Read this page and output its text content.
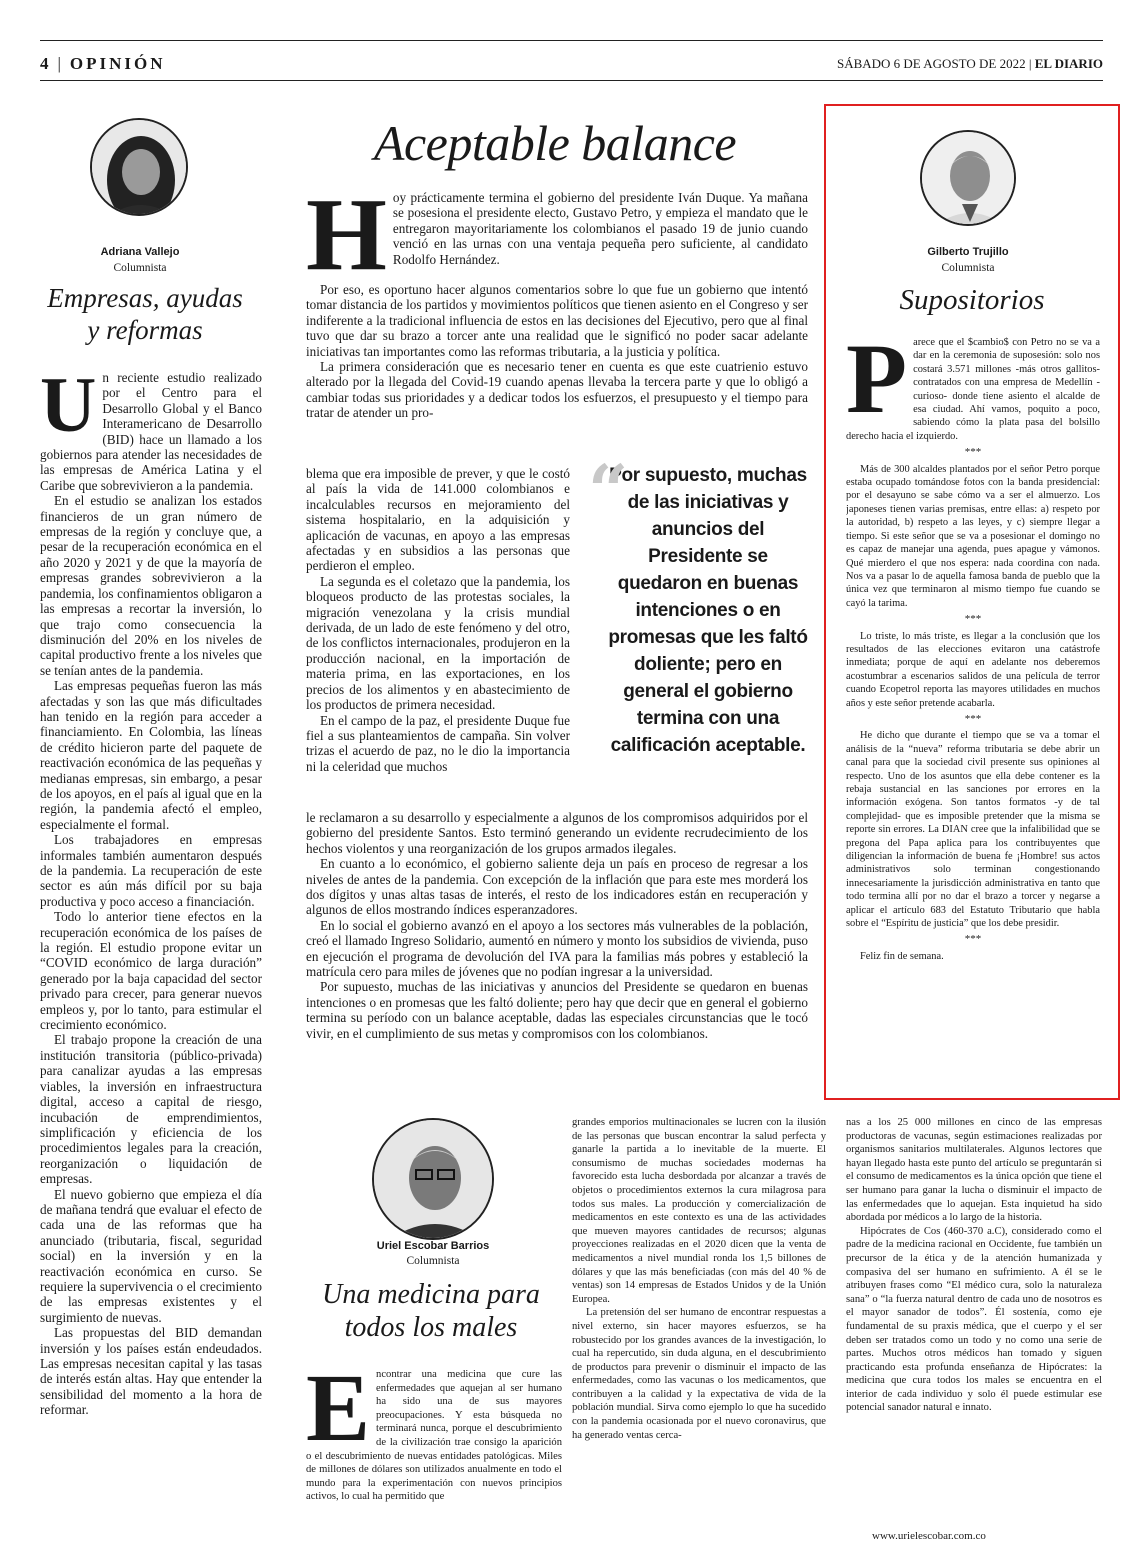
4 | OPINIÓN	SÁBADO 6 DE AGOSTO DE 2022 | EL DIARIO
Adriana Vallejo
Columnista
Empresas, ayudas
y reformas
U n reciente estudio realizado por el Centro para el Desarrollo Global y el Banco Interamericano de Desarrollo (BID) hace un llamado a los gobiernos para atender las necesidades de las empresas de América Latina y el Caribe que sobrevivieron a la pandemia.

En el estudio se analizan los estados financieros de un gran número de empresas de la región y concluye que, a pesar de la recuperación económica en el año 2020 y 2021 y de que la mayoría de empresas grandes sobrevivieron a la pandemia, los confinamientos obligaron a las empresas a recortar la inversión, lo que trajo como consecuencia la disminución del 20% en los niveles de capital productivo frente a los niveles que se tenían antes de la pandemia.

Las empresas pequeñas fueron las más afectadas y son las que más dificultades han tenido en la región para acceder a financiamiento. En Colombia, las líneas de crédito hicieron parte del paquete de reactivación económica de las pequeñas y medianas empresas, sin embargo, a pesar de los apoyos, en el país al igual que en la región, la pandemia afectó el empleo, especialmente el formal.

Los trabajadores en empresas informales también aumentaron después de la pandemia. La recuperación de este sector es aún más difícil por su baja productiva y poco acceso a financiación.

Todo lo anterior tiene efectos en la recuperación económica de los países de la región. El estudio propone evitar un “COVID económico de larga duración” generado por la baja capacidad del sector privado para crecer, para generar nuevos empleos y, por lo tanto, para estimular el crecimiento económico.

El trabajo propone la creación de una institución transitoria (público-privada) para canalizar ayudas a las empresas viables, la inversión en infraestructura digital, acceso a capital de riesgo, incubación de emprendimientos, simplificación y eficiencia de los procedimientos legales para la creación, reorganización o liquidación de empresas.

El nuevo gobierno que empieza el día de mañana tendrá que evaluar el efecto de cada una de las reformas que ha anunciado (tributaria, fiscal, seguridad social) en la inversión y en la reactivación económica en curso. Se requiere la supervivencia o el crecimiento de las empresas existentes y el surgimiento de nuevas.

Las propuestas del BID demandan inversión y los países están endeudados. Las empresas necesitan capital y las tasas de interés están altas. Hay que entender la sensibilidad del momento a la hora de reformar.

Aceptable balance
H oy prácticamente termina el gobierno del presidente Iván Duque. Ya mañana se posesiona el presidente electo, Gustavo Petro, y empieza el mandato que le entregaron mayoritariamente los colombianos el pasado 19 de junio cuando venció en las urnas con una ventaja pequeña pero suficiente, al candidato Rodolfo Hernández.

Por eso, es oportuno hacer algunos comentarios sobre lo que fue un gobierno que intentó tomar distancia de los partidos y movimientos políticos que tienen asiento en el Congreso y ser indiferente a la tradicional influencia de estos en las decisiones del Ejecutivo, pero que al final tuvo que dar su brazo a torcer ante una realidad que le significó no poder sacar adelante iniciativas tan importantes como las reformas tributaria, a la justicia y política.

La primera consideración que es necesario tener en cuenta es que este cuatrienio estuvo alterado por la llegada del Covid-19 cuando apenas llevaba la tercera parte y que lo obligó a cambiar todas sus prioridades y a dedicar todos los esfuerzos, el presupuesto y el tiempo para tratar de atender un pro-

blema que era imposible de prever, y que le costó al país la vida de 141.000 colombianos e incalculables recursos en mejoramiento del sistema hospitalario, en la adquisición y aplicación de vacunas, en apoyo a las empresas afectadas y en subsidios a las personas que perdieron el empleo.

La segunda es el coletazo que la pandemia, los bloqueos producto de las protestas sociales, la migración venezolana y la crisis mundial derivada, de un lado de este fenómeno y del otro, de los conflictos internacionales, produjeron en la producción nacional, en la importación de materia prima, en las exportaciones, en los precios de los alimentos y en abastecimiento de los productos de primera necesidad.

En el campo de la paz, el presidente Duque fue fiel a sus planteamientos de campaña. Sin volver trizas el acuerdo de paz, no le dio la importancia ni la celeridad que muchos

le reclamaron a su desarrollo y especialmente a algunos de los compromisos adquiridos por el gobierno del presidente Santos. Esto terminó generando un evidente recrudecimiento de los hechos violentos y una reorganización de los grupos armados ilegales.

En cuanto a lo económico, el gobierno saliente deja un país en proceso de regresar a los niveles de antes de la pandemia. Con excepción de la inflación que para este mes morderá los dos dígitos y unas altas tasas de interés, el resto de los indicadores están en recuperación y algunos de ellos mostrando índices esperanzadores.

En lo social el gobierno avanzó en el apoyo a los sectores más vulnerables de la población, creó el llamado Ingreso Solidario, aumentó en número y monto los subsidios de vivienda, puso en ejecución el programa de devolución del IVA para la familias más pobres y estableció la matrícula cero para miles de jóvenes que no podían ingresar a la universidad.

Por supuesto, muchas de las iniciativas y anuncios del Presidente se quedaron en buenas intenciones o en promesas que les faltó doliente; pero hay que decir que en general el gobierno termina su período con un balance aceptable, dadas las especiales circunstancias que le tocó vivir, en el cumplimiento de sus metas y compromisos con los colombianos.

“
Por supuesto, muchas de las iniciativas y anuncios del Presidente se quedaron en buenas intenciones o en promesas que les faltó doliente; pero en general el gobierno termina con una calificación aceptable.
Gilberto Trujillo
Columnista
Supositorios
P arece que el $cambio$ con Petro no se va a dar en la ceremonia de suposesión: solo nos costará 3.571 millones -más otros gallitos- contratados con una empresa de Medellín -curioso- donde tiene asiento el alcalde de esa ciudad. Ahí vamos, poquito a poco, sabiendo cómo la plata pasa del bolsillo derecho hacia el izquierdo.

***

Más de 300 alcaldes plantados por el señor Petro porque estaba ocupado tomándose fotos con la banda presidencial: por el desayuno se sabe cómo va a ser el almuerzo. Los japoneses tienen varias premisas, entre ellas: a) respeto por la autoridad, b) respeto a las leyes, y c) siempre llegar a tiempo. Si este señor que se va a posesionar el domingo no es capaz de manejar una agenda, pues apague y vámonos. Qué mierdero el que nos espera: nada coordina con nada. Nos va a pasar lo de aquella famosa banda de pueblo que la única vez que terminaron al mismo tiempo fue cuando se cayó la tarima.

***

Lo triste, lo más triste, es llegar a la conclusión que los resultados de las elecciones evitaron una catástrofe inmediata; porque de aquí en adelante nos deberemos acostumbrar a escenarios salidos de una película de terror cuando Ecopetrol reporta las mayores utilidades en muchos años y este señor pretende acabarla.

***

He dicho que durante el tiempo que se va a tomar el análisis de la “nueva” reforma tributaria se debe abrir un canal para que la sociedad civil presente sus opiniones al respecto. Uno de los asuntos que ella debe contener es la rebaja sustancial en las sanciones por errores en la información exógena. Son tantos formatos -y de tal complejidad- que es imposible pretender que la misma se reporte sin errores. La DIAN cree que la infalibilidad que se pregona del Papa aplica para los contribuyentes que diligencian la información de buena fe ¡Hombre! sus actos administrativos solo terminan congestionando innecesariamente la jurisdicción administrativa en tanto que todo termina allí por no dar el brazo a torcer y negarse a aplicar el artículo 683 del Estatuto Tributario que habla sobre el “Espíritu de justicia” que los debe presidir.

***

Feliz fin de semana.

Uriel Escobar Barrios
Columnista
Una medicina para
todos los males
E ncontrar una medicina que cure las enfermedades que aquejan al ser humano ha sido una de sus mayores preocupaciones. Y esta búsqueda no terminará nunca, porque el descubrimiento de la civilización trae consigo la aparición o el descubrimiento de nuevas entidades patológicas. Miles de millones de dólares son utilizados anualmente en todo el mundo para la experimentación con nuevos principios activos, lo cual ha permitido que

grandes emporios multinacionales se lucren con la ilusión de las personas que buscan encontrar la salud perfecta y ganarle la partida a lo inevitable de la muerte. El consumismo de muchas sociedades modernas ha favorecido esta lucha desbordada por alcanzar a través de objetos o procedimientos externos la cura milagrosa para todos sus males. La producción y comercialización de medicamentos en este contexto es una de las actividades que mueven mayores cantidades de recursos; algunas proyecciones realizadas en el 2020 dicen que la venta de medicamentos a nivel mundial ronda los 1,5 billones de dólares y que las más beneficiadas (con más del 40 % de ventas) son 14 empresas de Estados Unidos y de la Unión Europea.

La pretensión del ser humano de encontrar respuestas a nivel externo, sin hacer mayores esfuerzos, se ha robustecido por los grandes avances de la investigación, lo cual ha repercutido, sin duda alguna, en el descubrimiento de productos para prevenir o disminuir el impacto de las enfermedades, como las vacunas o los medicamentos, que contribuyen a la calidad y la expectativa de vida de la población mundial. Sirva como ejemplo lo que ha sucedido con la pandemia ocasionada por el nuevo coronavirus, que ha generado ventas cerca-

nas a los 25 000 millones en cinco de las empresas productoras de vacunas, según estimaciones realizadas por organismos sanitarios multilaterales. Algunos lectores que hayan llegado hasta este punto del artículo se preguntarán si el consumo de medicamentos es la única opción que tiene el ser humano para ganar la lucha o disminuir el impacto de las enfermedades que lo aquejan. Esta inquietud ha sido abordada por médicos a lo largo de la historia.

Hipócrates de Cos (460-370 a.C), considerado como el padre de la medicina racional en Occidente, fue también un precursor de la ética y de la atención humanizada y compasiva del ser humano en sufrimiento. A él se le atribuyen frases como “El médico cura, solo la naturaleza sana” o “la fuerza natural dentro de cada uno de nosotros es el mayor sanador de todos”. Él sostenía, como eje fundamental de su praxis médica, que el cuerpo y el ser deben ser tratados como un todo y no como una serie de partes. Muchos otros médicos han tomado y siguen practicando esta profunda enseñanza de Hipócrates: la medicina que cura todos los males se encuentra en el interior de cada individuo y solo él puede estimular ese potencial sanador natural e innato.

www.urielescobar.com.co
